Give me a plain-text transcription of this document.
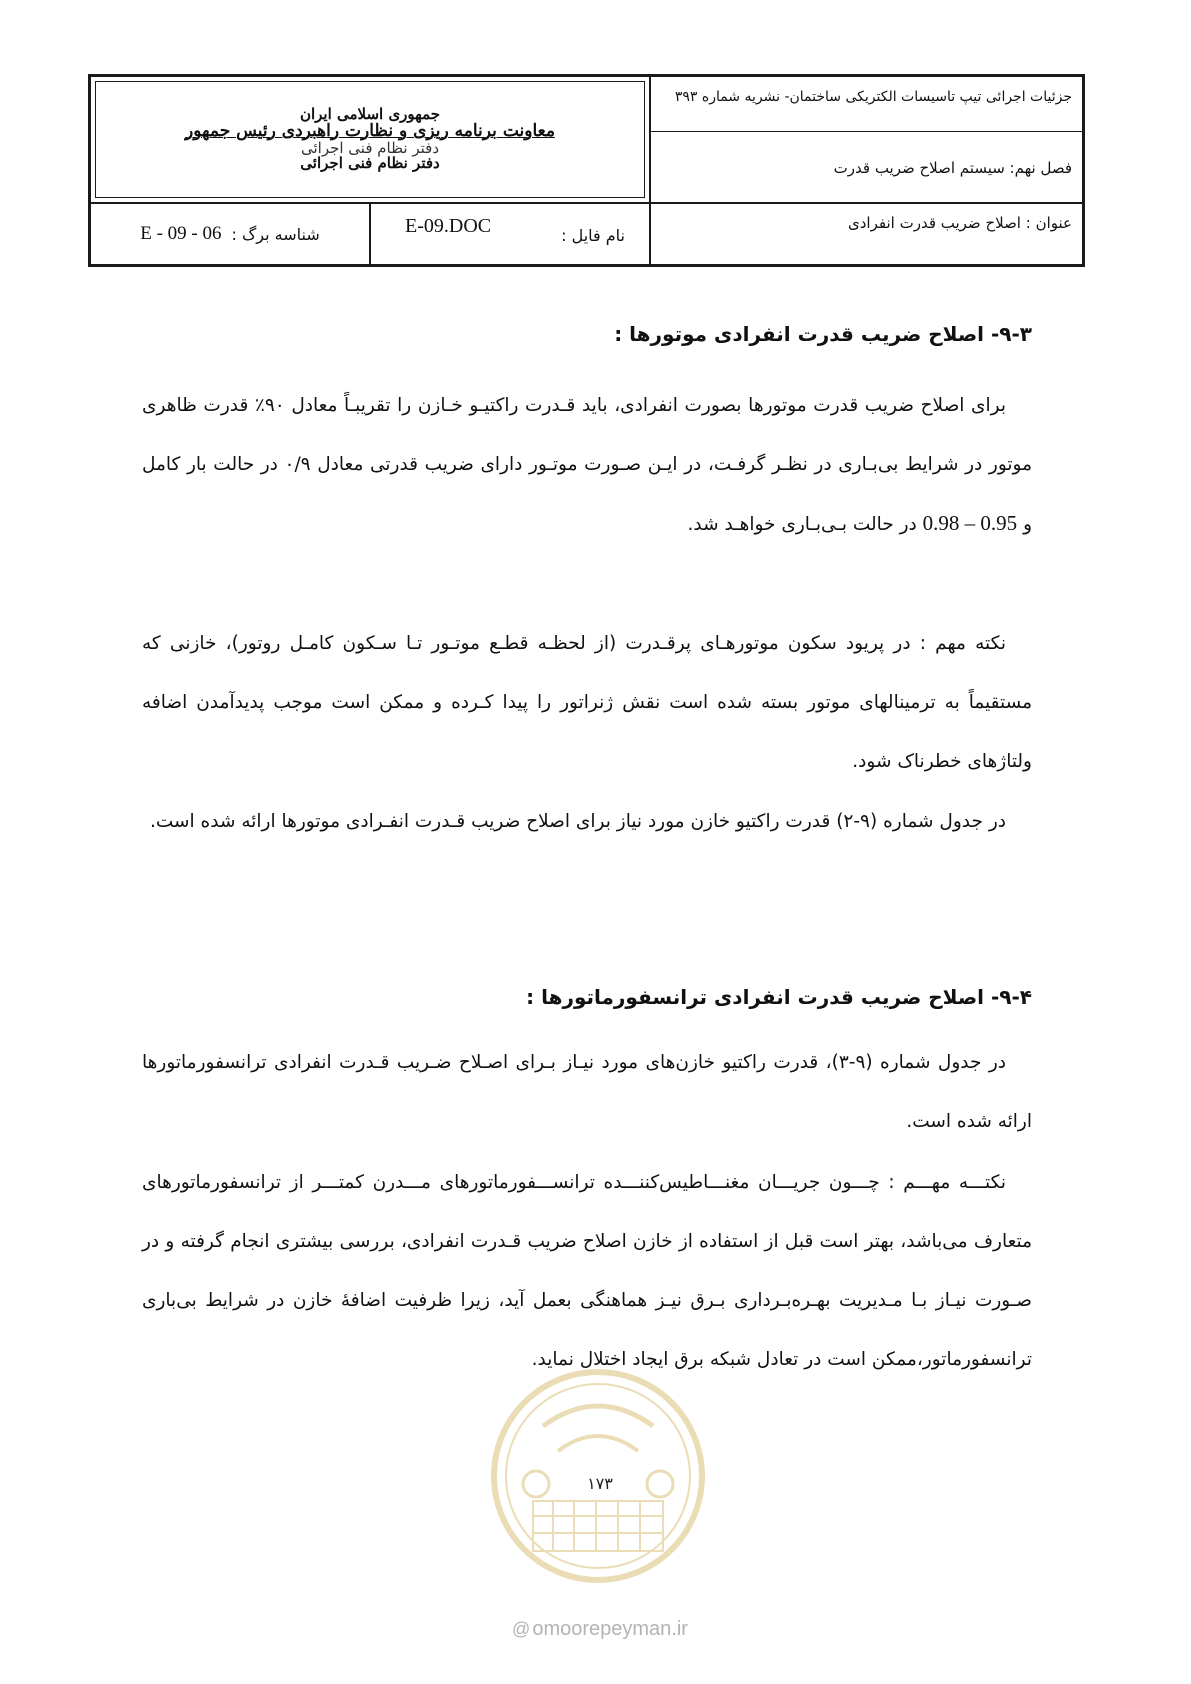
جمهوری اسلامی ایران
معاونت برنامه ریزی و نظارت راهبردی رئیس جمهور
دفتر نظام فنی اجرائی
دفتر نظام فنی اجرائی
جزئیات اجرائی تیپ تاسیسات الکتریکی ساختمان- نشریه شماره ۳۹۳
فصل نهم: سیستم اصلاح ضریب قدرت
شناسه برگ :
E - 09 - 06	نام فایل :
E-09.DOC	عنوان : اصلاح ضریب قدرت انفرادی
۹-۳- اصلاح ضریب قدرت انفرادی موتورها :

برای اصلاح ضریب قدرت موتورها بصورت انفرادی، باید قـدرت راکتیـو خـازن را تقریبـاً معادل ۹۰٪ قدرت ظاهری موتور در شرایط بی‌بـاری در نظـر گرفـت، در ایـن صـورت موتـور دارای ضریب قدرتی معادل ۰/۹ در حالت بار کامل و 0.98 – 0.95 در حالت بـی‌بـاری خواهـد شد.

نکته مهم : در پریود سکون موتورهـای پرقـدرت (از لحظـه قطـع موتـور تـا سـکون کامـل روتور)، خازنی که مستقیماً به ترمینالهای موتور بسته شده است نقش ژنراتور را پیدا کـرده و ممکن است موجب پدیدآمدن اضافه ولتاژهای خطرناک شود.

در جدول شماره (۹-۲) قدرت راکتیو خازن مورد نیاز برای اصلاح ضریب قـدرت انفـرادی موتورها ارائه شده است.

۹-۴- اصلاح ضریب قدرت انفرادی ترانسفورماتورها :

در جدول شماره (۹-۳)، قدرت راکتیو خازن‌های مورد نیـاز بـرای اصـلاح ضـریب قـدرت انفرادی ترانسفورماتورها ارائه شده است.

نکتـــه مهـــم : چـــون جریـــان مغنـــاطیس‌کننـــده ترانســـفورماتورهای مـــدرن کمتـــر از ترانسفورماتورهای متعارف می‌باشد، بهتر است قبل از استفاده از خازن اصلاح ضریب قـدرت انفرادی، بررسی بیشتری انجام گرفته و در صـورت نیـاز بـا مـدیریت بهـره‌بـرداری بـرق نیـز هماهنگی بعمل آید، زیرا ظرفیت اضافهٔ خازن در شرایط بی‌باری ترانسفورماتور،ممکن است در تعادل شبکه برق ایجاد اختلال نماید.

۱۷۳
@ omoorepeyman.ir
